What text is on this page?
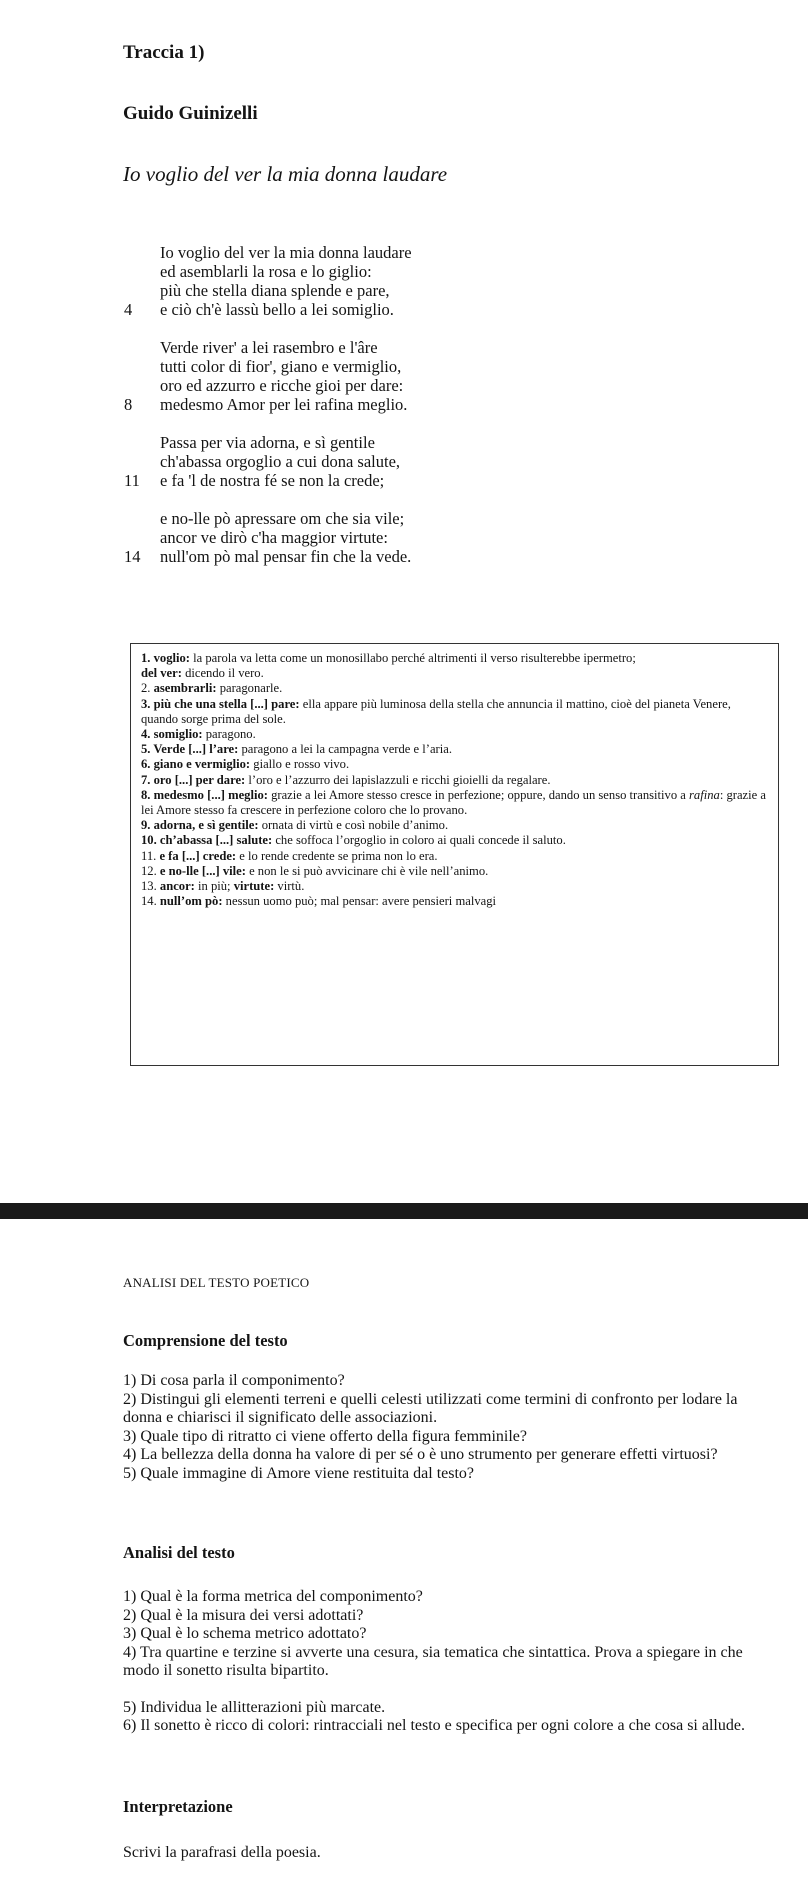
Traccia 1)
Guido Guinizelli
Io voglio del ver la mia donna laudare
Io voglio del ver la mia donna laudare
ed asemblarli la rosa e lo giglio:
più che stella diana splende e pare,
4	e ciò ch'è lassù bello a lei somiglio.
Verde river' a lei rasembro e l'âre
tutti color di fior', giano e vermiglio,
oro ed azzurro e ricche gioi per dare:
8	medesmo Amor per lei rafina meglio.
Passa per via adorna, e sì gentile
ch'abassa orgoglio a cui dona salute,
11	e fa 'l de nostra fé se non la crede;
e no-lle pò apressare om che sia vile;
ancor ve dirò c'ha maggior virtute:
14	null'om pò mal pensar fin che la vede.

1. voglio: la parola va letta come un monosillabo perché altrimenti il verso risulterebbe ipermetro;

del ver: dicendo il vero.

2. asembrarli: paragonarle.

3. più che una stella [...] pare: ella appare più luminosa della stella che annuncia il mattino, cioè del pianeta Venere, quando sorge prima del sole.

4. somiglio: paragono.

5. Verde [...] l’are: paragono a lei la campagna verde e l’aria.

6. giano e vermiglio: giallo e rosso vivo.

7. oro [...] per dare: l’oro e l’azzurro dei lapislazzuli e ricchi gioielli da regalare.

8. medesmo [...] meglio: grazie a lei Amore stesso cresce in perfezione; oppure, dando un senso transitivo a rafina: grazie a lei Amore stesso fa crescere in perfezione coloro che lo provano.

9. adorna, e sì gentile: ornata di virtù e così nobile d’animo.

10. ch’abassa [...] salute: che soffoca l’orgoglio in coloro ai quali concede il saluto.

11. e fa [...] crede: e lo rende credente se prima non lo era.

12. e no-lle [...] vile: e non le si può avvicinare chi è vile nell’animo.

13. ancor: in più; virtute: virtù.

14. null’om pò: nessun uomo può; mal pensar: avere pensieri malvagi

ANALISI DEL TESTO POETICO
Comprensione del testo

1) Di cosa parla il componimento?

2) Distingui gli elementi terreni e quelli celesti utilizzati come termini di confronto per lodare la donna e chiarisci il significato delle associazioni.

3) Quale tipo di ritratto ci viene offerto della figura femminile?

4) La bellezza della donna ha valore di per sé o è uno strumento per generare effetti virtuosi?

5) Quale immagine di Amore viene restituita dal testo?

Analisi del testo

1) Qual è la forma metrica del componimento?

2) Qual è la misura dei versi adottati?

3) Qual è lo schema metrico adottato?

4) Tra quartine e terzine si avverte una cesura, sia tematica che sintattica. Prova a spiegare in che modo il sonetto risulta bipartito.

5) Individua le allitterazioni più marcate.

6) Il sonetto è ricco di colori: rintracciali nel testo e specifica per ogni colore a che cosa si allude.

Interpretazione
Scrivi la parafrasi della poesia.
